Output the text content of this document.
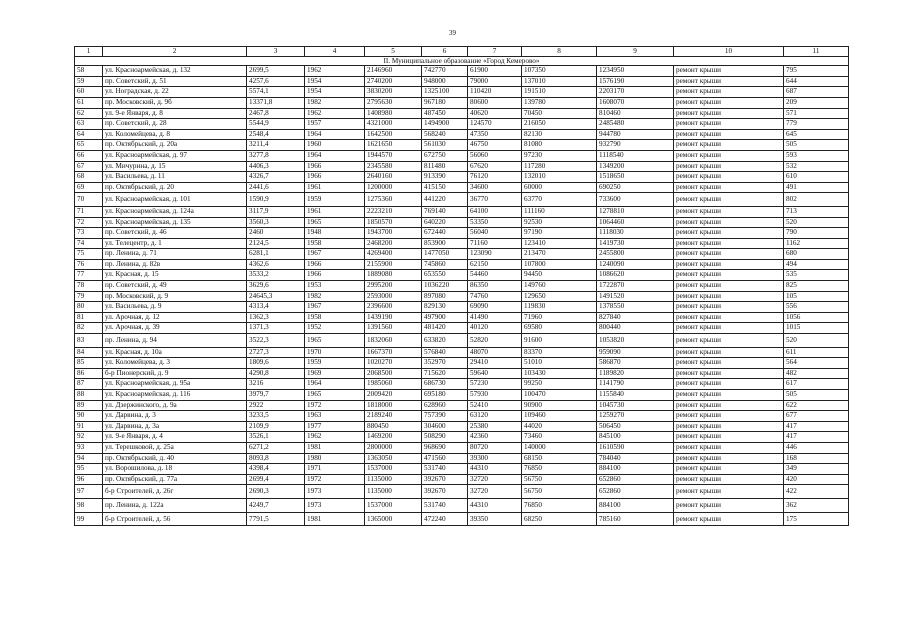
39
1	2	3	4	5	6	7	8	9	10	11
II. Муниципальное образование «Город Кемерово»										
58	ул. Красноармейская, д. 132	2699,5	1962	2146960	742770	61900	107350	1234950	ремонт крыши	795
59	пр. Советский, д. 51	4257,6	1954	2740200	948000	79000	137010	1576190	ремонт крыши	644
60	ул. Ноградская, д. 22	5574,1	1954	3830200	1325100	110420	191510	2203170	ремонт крыши	687
61	пр. Московский, д. 9б	13371,8	1982	2795630	967180	80600	139780	1608070	ремонт крыши	209
62	ул. 9-е Января, д. 8	2467,8	1962	1408980	487450	40620	70450	810460	ремонт крыши	571
63	пр. Советский, д. 28	5544,9	1957	4321000	1494900	124570	216050	2485480	ремонт крыши	779
64	ул. Коломейцева, д. 8	2548,4	1964	1642500	568240	47350	82130	944780	ремонт крыши	645
65	пр. Октябрьский, д. 20а	3211,4	1960	1621650	561030	46750	81080	932790	ремонт крыши	505
66	ул. Красноармейская, д. 97	3277,8	1964	1944570	672750	56060	97230	1118540	ремонт крыши	593
67	ул. Мичурина, д. 15	4406,3	1966	2345580	811480	67620	117280	1349200	ремонт крыши	532
68	ул. Васильева, д. 11	4326,7	1966	2640160	913390	76120	132010	1518650	ремонт крыши	610
69	пр. Октябрьский, д. 20	2441,6	1961	1200000	415150	34600	60000	690250	ремонт крыши	491
70	ул. Красноармейская, д. 101	1590,9	1959	1275360	441220	36770	63770	733600	ремонт крыши	802
71	ул. Красноармейская, д. 124а	3117,9	1961	2223210	769140	64100	111160	1278810	ремонт крыши	713
72	ул. Красноармейская, д. 135	3560,3	1965	1850570	640220	53350	92530	1064460	ремонт крыши	520
73	пр. Советский, д. 46	2460	1948	1943700	672440	56040	97190	1118030	ремонт крыши	790
74	ул. Телецентр, д. 1	2124,5	1958	2468200	853900	71160	123410	1419730	ремонт крыши	1162
75	пр. Ленина, д. 71	6281,1	1967	4269400	1477050	123090	213470	2455800	ремонт крыши	680
76	пр. Ленина, д. 82в	4362,6	1966	2155900	745860	62150	107800	1240090	ремонт крыши	494
77	ул. Красная, д. 15	3533,2	1966	1889080	653550	54460	94450	1086620	ремонт крыши	535
78	пр. Советский, д. 49	3629,6	1953	2995200	1036220	86350	149760	1722870	ремонт крыши	825
79	пр. Московский, д. 9	24645,3	1982	2593000	897080	74760	129650	1491520	ремонт крыши	105
80	ул. Васильева, д. 9	4313,4	1967	2396600	829130	69090	119830	1378550	ремонт крыши	556
81	ул. Арочная, д. 12	1362,3	1958	1439190	497900	41490	71960	827840	ремонт крыши	1056
82	ул. Арочная, д. 39	1371,3	1952	1391560	481420	40120	69580	800440	ремонт крыши	1015
83	пр. Ленина, д. 94	3522,3	1965	1832060	633820	52820	91600	1053820	ремонт крыши	520
84	ул. Красная, д. 10а	2727,3	1970	1667370	576840	48070	83370	959090	ремонт крыши	611
85	ул. Коломейцева, д. 3	1809,6	1959	1020270	352970	29410	51010	586870	ремонт крыши	564
86	б-р Пионерский, д. 9	4290,8	1969	2068500	715620	59640	103430	1189820	ремонт крыши	482
87	ул. Красноармейская, д. 95а	3216	1964	1985060	686730	57230	99250	1141790	ремонт крыши	617
88	ул. Красноармейская, д. 116	3979,7	1965	2009420	695180	57930	100470	1155840	ремонт крыши	505
89	ул. Дзержинского, д. 9а	2922	1972	1818000	628960	52410	90900	1045730	ремонт крыши	622
90	ул. Дарвина, д. 3	3233,5	1963	2189240	757390	63120	109460	1259270	ремонт крыши	677
91	ул. Дарвина, д. 3а	2109,9	1977	880450	304600	25380	44020	506450	ремонт крыши	417
92	ул. 9-е Января, д. 4	3526,1	1962	1469200	508290	42360	73460	845100	ремонт крыши	417
93	ул. Терешковой, д. 25а	6271,2	1981	2800000	968690	80720	140000	1610590	ремонт крыши	446
94	пр. Октябрьский, д. 40	8093,8	1980	1363050	471560	39300	68150	784040	ремонт крыши	168
95	ул. Ворошилова, д. 18	4398,4	1971	1537000	531740	44310	76850	884100	ремонт крыши	349
96	пр. Октябрьский, д. 77а	2699,4	1972	1135000	392670	32720	56750	652860	ремонт крыши	420
97	б-р Строителей, д. 26г	2690,3	1973	1135000	392670	32720	56750	652860	ремонт крыши	422
98	пр. Ленина, д. 122а	4249,7	1973	1537000	531740	44310	76850	884100	ремонт крыши	362
99	б-р Строителей, д. 56	7791,5	1981	1365000	472240	39350	68250	785160	ремонт крыши	175
